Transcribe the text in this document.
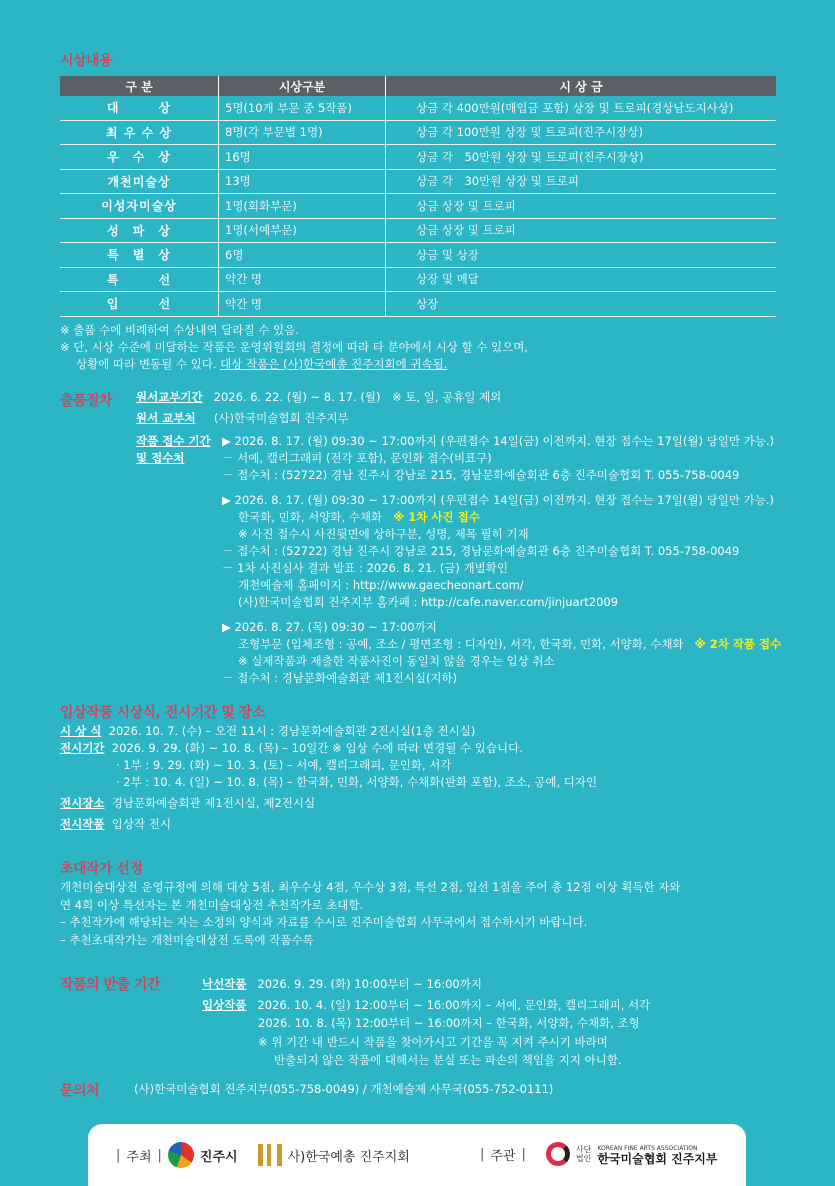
시상내용
구 분	시상구분	시 상 금
대　　　상	5명(10개 부문 중 5작품)	상금 각 400만원(매입금 포함) 상장 및 트로피(경상남도지사상)
최 우 수 상	8명(각 부문별 1명)	상금 각 100만원 상장 및 트로피(진주시장상)
우　수　상	16명	상금 각　50만원 상장 및 트로피(진주시장상)
개천미술상	13명	상금 각　30만원 상장 및 트로피
이성자미술상	1명(회화부문)	상금 상장 및 트로피
성　파　상	1명(서예부문)	상금 상장 및 트로피
특　별　상	6명	상금 및 상장
특　　　선	약간 명	상장 및 메달
입　　　선	약간 명	상장
※ 출품 수에 비례하여 수상내역 달라질 수 있음.
※ 단, 시상 수준에 미달하는 작품은 운영위원회의 결정에 따라 타 분야에서 시상 할 수 있으며,
상황에 따라 변동될 수 있다. 대상 작품은 (사)한국예총 진주지회에 귀속됨.
출품절차 원서교부기간 2026. 6. 22. (월) ~ 8. 17. (월)　※ 토, 일, 공휴일 제외
원서 교부처 (사)한국미술협회 진주지부
작품 접수 기간
및 접수처
▶ 2026. 8. 17. (월) 09:30 ~ 17:00까지 (우편접수 14일(금) 이전까지. 현장 접수는 17일(월) 당일만 가능.)
－ 서예, 캘리그래피 (전각 포함), 문인화 접수(비표구)
－ 접수처 : (52722) 경남 진주시 강남로 215, 경남문화예술회관 6층 진주미술협회 T. 055-758-0049
▶ 2026. 8. 17. (월) 09:30 ~ 17:00까지 (우편접수 14일(금) 이전까지. 현장 접수는 17일(월) 당일만 가능.)
한국화, 민화, 서양화, 수채화 ※ 1차 사진 접수
※ 사진 접수시 사진뒷면에 상하구분, 성명, 제목 필히 기재
－ 접수처 : (52722) 경남 진주시 강남로 215, 경남문화예술회관 6층 진주미술협회 T. 055-758-0049
－ 1차 사진심사 결과 발표 : 2026. 8. 21. (금) 개별확인
개천예술제 홈페이지 : http://www.gaecheonart.com/
(사)한국미술협회 진주지부 홈카페 : http://cafe.naver.com/jinjuart2009
▶ 2026. 8. 27. (목) 09:30 ~ 17:00까지
조형부문 (입체조형 : 공예, 조소 / 평면조형 : 디자인), 서각, 한국화, 민화, 서양화, 수채화 ※ 2차 작품 접수
※ 실제작품과 제출한 작품사진이 동일치 않을 경우는 입상 취소
－ 접수처 : 경남문화예술회관 제1전시실(지하)
입상작품 시상식, 전시기간 및 장소
시 상 식 2026. 10. 7. (수) – 오전 11시 : 경남문화예술회관 2전시실(1층 전시실)
전시기간 2026. 9. 29. (화) ~ 10. 8. (목) – 10일간 ※ 입상 수에 따라 변경될 수 있습니다.
· 1부 : 9. 29. (화) ~ 10. 3. (토) – 서예, 캘리그래피, 문인화, 서각
· 2부 : 10. 4. (일) ~ 10. 8. (목) – 한국화, 민화, 서양화, 수채화(판화 포함), 조소, 공예, 디자인
전시장소 경남문화예술회관 제1전시실, 제2전시실
전시작품 입상작 전시
초대작가 선정
개천미술대상전 운영규정에 의해 대상 5점, 최우수상 4점, 우수상 3점, 특선 2점, 입선 1점을 주어 총 12점 이상 획득한 자와
연 4회 이상 특선자는 본 개천미술대상전 추천작가로 초대함.
– 추천작가에 해당되는 자는 소정의 양식과 자료를 수시로 진주미술협회 사무국에서 접수하시기 바랍니다.
– 추천초대작가는 개천미술대상전 도록에 작품수록
작품의 반출 기간	낙선작품 2026. 9. 29. (화) 10:00부터 ~ 16:00까지
입상작품 2026. 10. 4. (일) 12:00부터 ~ 16:00까지 – 서예, 문인화, 캘리그래피, 서각
2026. 10. 8. (목) 12:00부터 ~ 16:00까지 – 한국화, 서양화, 수채화, 조형
※ 위 기간 내 반드시 작품을 찾아가시고 기간을 꼭 지켜 주시기 바라며
반출되지 않은 작품에 대해서는 분실 또는 파손의 책임을 지지 아니함.
문의처	(사)한국미술협회 진주지부(055-758-0049) / 개천예술제 사무국(055-752-0111)
| 주최 |	진주시	사)한국예총 진주지회	| 주관 |	사단
법인
KOREAN FINE ARTS ASSOCIATION
한국미술협회 진주지부
